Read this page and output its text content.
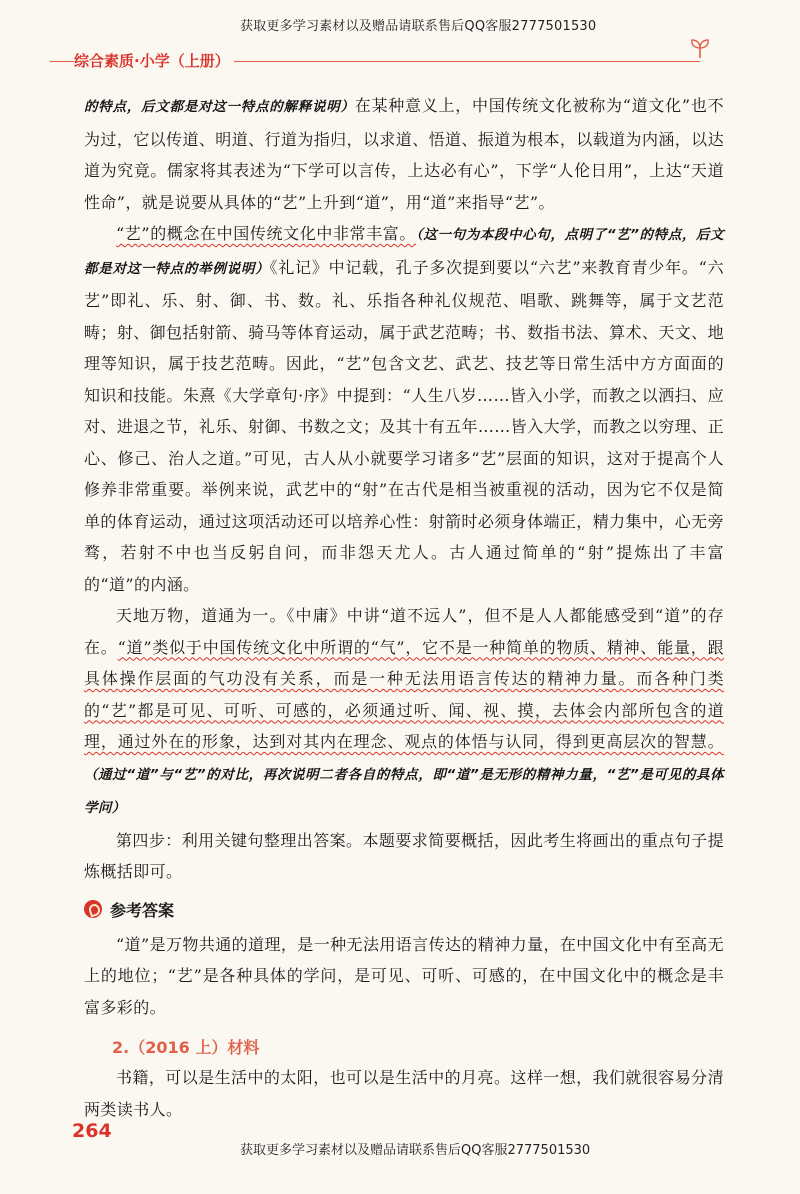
综合素质·小学（上册）
获取更多学习素材以及赠品请联系售后QQ客服2777501530

的特点，后文都是对这一特点的解释说明）在某种意义上，中国传统文化被称为“道文化”也不为过，它以传道、明道、行道为指归，以求道、悟道、振道为根本，以载道为内涵，以达道为究竟。儒家将其表述为“下学可以言传，上达必有心”，下学“人伦日用”，上达“天道性命”，就是说要从具体的“艺”上升到“道”，用“道”来指导“艺”。

“艺”的概念在中国传统文化中非常丰富。（这一句为本段中心句，点明了“艺”的特点，后文都是对这一特点的举例说明）《礼记》中记载，孔子多次提到要以“六艺”来教育青少年。“六艺”即礼、乐、射、御、书、数。礼、乐指各种礼仪规范、唱歌、跳舞等，属于文艺范畴；射、御包括射箭、骑马等体育运动，属于武艺范畴；书、数指书法、算术、天文、地理等知识，属于技艺范畴。因此，“艺”包含文艺、武艺、技艺等日常生活中方方面面的知识和技能。朱熹《大学章句·序》中提到：“人生八岁……皆入小学，而教之以洒扫、应对、进退之节，礼乐、射御、书数之文；及其十有五年……皆入大学，而教之以穷理、正心、修己、治人之道。”可见，古人从小就要学习诸多“艺”层面的知识，这对于提高个人修养非常重要。举例来说，武艺中的“射”在古代是相当被重视的活动，因为它不仅是简单的体育运动，通过这项活动还可以培养心性：射箭时必须身体端正，精力集中，心无旁骛，若射不中也当反躬自问，而非怨天尤人。古人通过简单的“射”提炼出了丰富的“道”的内涵。

天地万物，道通为一。《中庸》中讲“道不远人”，但不是人人都能感受到“道”的存在。“道”类似于中国传统文化中所谓的“气”，它不是一种简单的物质、精神、能量，跟具体操作层面的气功没有关系，而是一种无法用语言传达的精神力量。而各种门类的“艺”都是可见、可听、可感的，必须通过听、闻、视、摸，去体会内部所包含的道理，通过外在的形象，达到对其内在理念、观点的体悟与认同，得到更高层次的智慧。（通过“道”与“艺”的对比，再次说明二者各自的特点，即“道”是无形的精神力量，“艺”是可见的具体学问）

第四步：利用关键句整理出答案。本题要求简要概括，因此考生将画出的重点句子提炼概括即可。

参考答案

“道”是万物共通的道理，是一种无法用语言传达的精神力量，在中国文化中有至高无上的地位；“艺”是各种具体的学问，是可见、可听、可感的，在中国文化中的概念是丰富多彩的。

2.（2016 上）材料

书籍，可以是生活中的太阳，也可以是生活中的月亮。这样一想，我们就很容易分清两类读书人。

264
获取更多学习素材以及赠品请联系售后QQ客服2777501530
